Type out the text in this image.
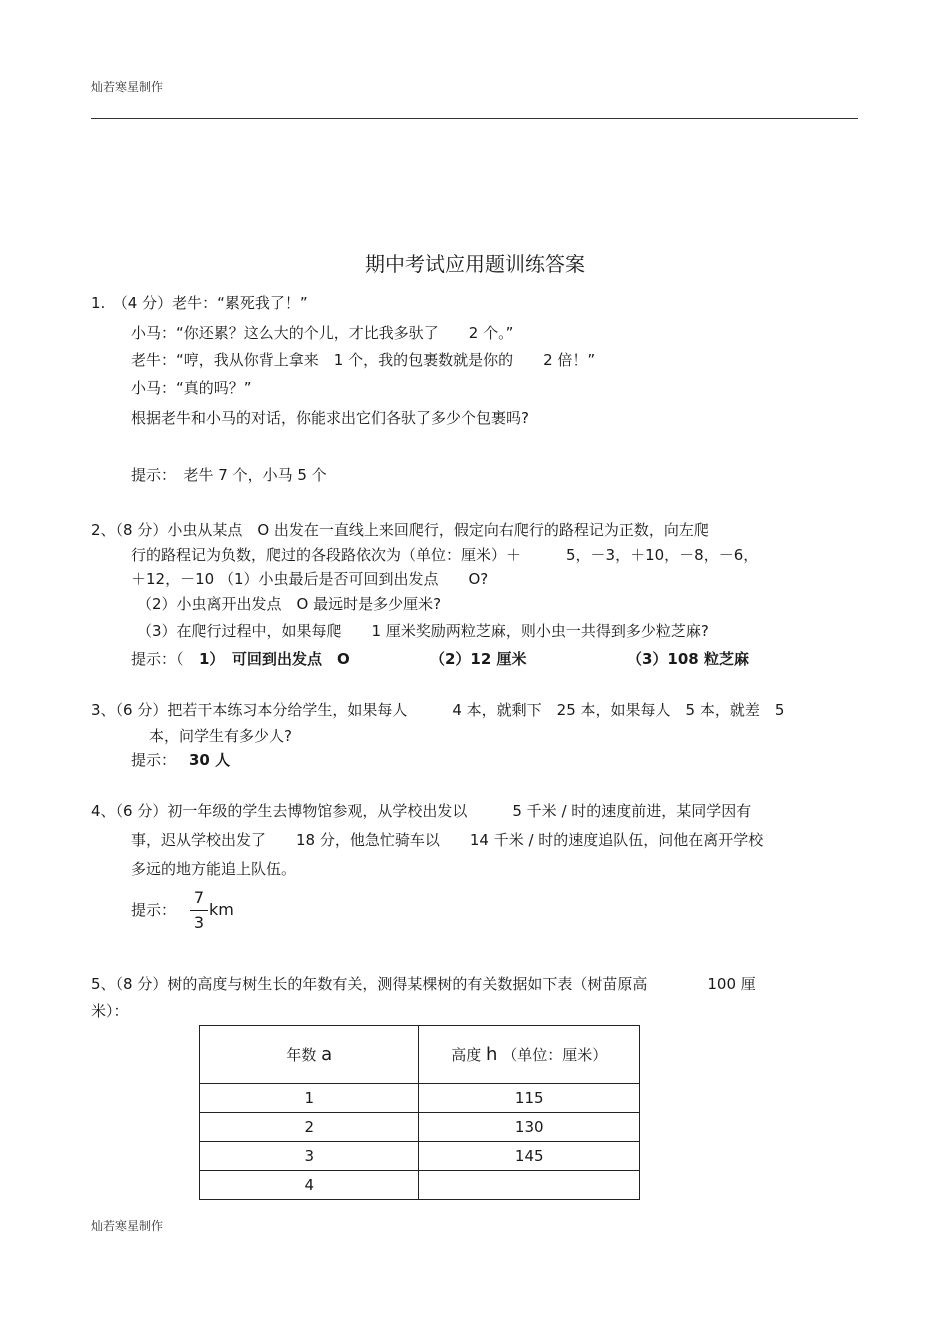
灿若寒星制作
期中考试应用题训练答案
1.　（4 分）老牛：“累死我了！”
小马：“你还累？这么大的个儿，才比我多驮了　　2 个。”
老牛：“哼，我从你背上拿来　1 个，我的包裹数就是你的　　2 倍！”
小马：“真的吗？”
根据老牛和小马的对话，你能求出它们各驮了多少个包裹吗?
提示：　老牛 7 个，小马 5 个
2、（8 分）小虫从某点　O 出发在一直线上来回爬行，假定向右爬行的路程记为正数，向左爬
行的路程记为负数，爬过的各段路依次为（单位：厘米）＋　　　5，－3，＋10，－8，－6，
＋12，－10 （1）小虫最后是否可回到出发点　　O?
（2）小虫离开出发点　O 最远时是多少厘米?
（3）在爬行过程中，如果每爬　　1 厘米奖励两粒芝麻，则小虫一共得到多少粒芝麻?
提示：（ 1）　可回到出发点　O	（2）12 厘米	（3）108 粒芝麻
3、（6 分）把若干本练习本分给学生，如果每人　　　4 本，就剩下　25 本，如果每人　5 本，就差　5
本，问学生有多少人?
提示： 30 人
4、（6 分）初一年级的学生去博物馆参观，从学校出发以　　　5 千米 / 时的速度前进，某同学因有
事，迟从学校出发了　　18 分，他急忙骑车以　　14 千米 / 时的速度追队伍，问他在离开学校
多远的地方能追上队伍。
提示：
7
3
km
5、（8 分）树的高度与树生长的年数有关，测得某棵树的有关数据如下表（树苗原高　　　　100 厘
米）：
年数 a	高度 h （单位：厘米）
1	115
2	130
3	145
4	
灿若寒星制作
